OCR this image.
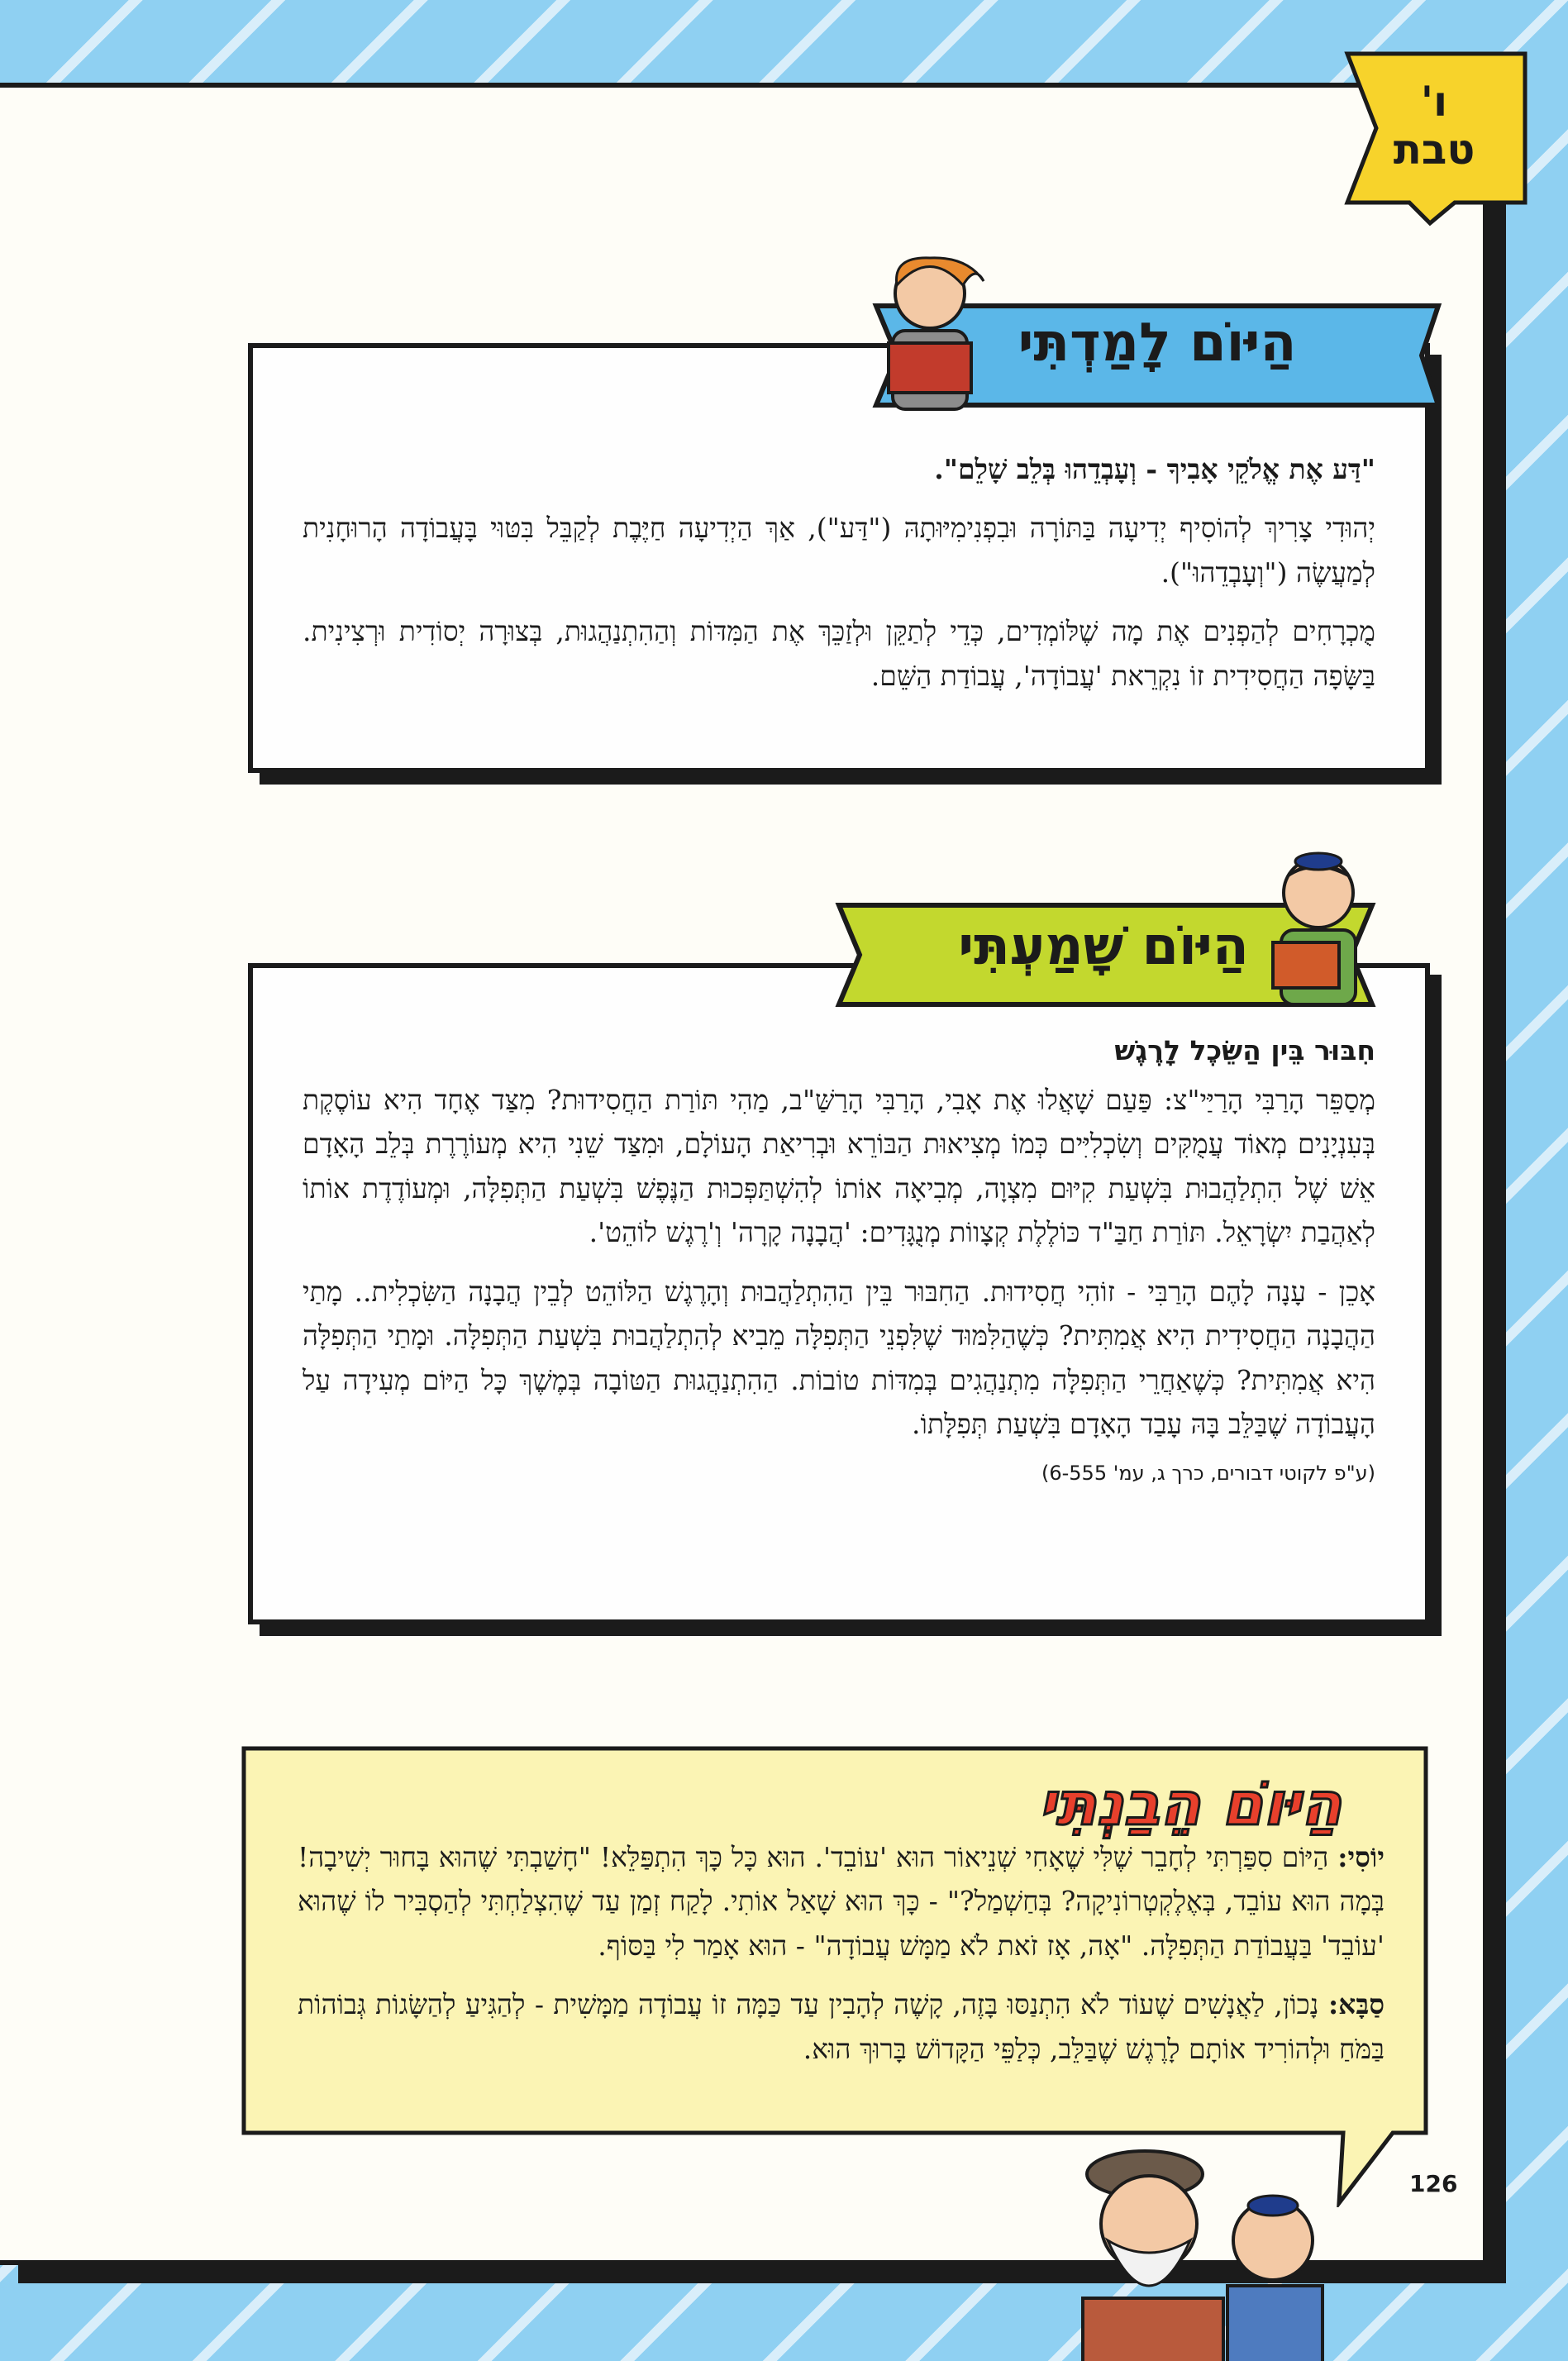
ו'
טבת

"דַּע אֶת אֱלֹקֵי אָבִיךָ - וְעָבְדֵהוּ בְּלֵב שָׁלֵם".

יְהוּדִי צָרִיךְ לְהוֹסִיף יְדִיעָה בַּתּוֹרָה וּבִפְנִימִיּוּתָהּ ("דַּע"), אַךְ הַיְדִיעָה חַיֶּבֶת לְקַבֵּל בִּטּוּי בָּעֲבוֹדָה הָרוּחָנִית לְמַעֲשֶׂה ("וְעָבְדֵהוּ").

מֻכְרָחִים לְהַפְנִים אֶת מָה שֶׁלּוֹמְדִים, כְּדֵי לְתַקֵּן וּלְזַכֵּךְ אֶת הַמִּדּוֹת וְהַהִתְנַהֲגוּת, בְּצוּרָה יְסוֹדִית וּרְצִינִית. בַּשָּׂפָה הַחֲסִידִית זוֹ נִקְרֵאת 'עֲבוֹדָה', עֲבוֹדַת הַשֵּׁם.

הַיּוֹם לָמַדְתִּי
חִבּוּר בֵּין הַשֵּׂכֶל לָרֶגֶשׁ

מְסַפֵּר הָרַבִּי הָרַיַּי"צ: פַּעַם שָׁאֲלוּ אֶת אָבִי, הָרַבִּי הָרַשַּׁ"ב, מַהִי תּוֹרַת הַחֲסִידוּת? מִצַּד אֶחָד הִיא עוֹסֶקֶת בְּעִנְיָנִים מְאוֹד עֲמֻקִּים וְשִׂכְלִיִּים כְּמוֹ מְצִיאוּת הַבּוֹרֵא וּבְרִיאַת הָעוֹלָם, וּמִצַּד שֵׁנִי הִיא מְעוֹרֶרֶת בְּלֵב הָאָדָם אֵשׁ שֶׁל הִתְלַהֲבוּת בִּשְׁעַת קִיּוּם מִצְוָה, מְבִיאָה אוֹתוֹ לְהִשְׁתַּפְּכוּת הַנֶּפֶשׁ בִּשְׁעַת הַתְּפִלָּה, וּמְעוֹדֶדֶת אוֹתוֹ לְאַהֲבַת יִשְׂרָאֵל. תּוֹרַת חַבַּ"ד כּוֹלֶלֶת קְצָווֹת מְנֻגָּדִים: 'הֲבָנָה קָרָה' וְ'רֶגֶשׁ לוֹהֵט'.

אָכֵן - עָנָה לָהֶם הָרַבִּי - זוֹהִי חֲסִידוּת. הַחִבּוּר בֵּין הַהִתְלַהֲבוּת וְהָרֶגֶשׁ הַלּוֹהֵט לְבֵין הֲבָנָה הַשִּׂכְלִית.. מָתַי הַהֲבָנָה הַחֲסִידִית הִיא אֲמִתִּית? כְּשֶׁהַלִּמּוּד שֶׁלִּפְנֵי הַתְּפִלָּה מֵבִיא לְהִתְלַהֲבוּת בִּשְׁעַת הַתְּפִלָּה. וּמָתַי הַתְּפִלָּה הִיא אֲמִתִּית? כְּשֶׁאַחֲרֵי הַתְּפִלָּה מִתְנַהֲגִים בְּמִדּוֹת טוֹבוֹת. הַהִתְנַהֲגוּת הַטּוֹבָה בְּמֶשֶׁךְ כָּל הַיּוֹם מְעִידָה עַל הָעֲבוֹדָה שֶׁבַּלֵּב בָּהּ עָבַד הָאָדָם בִּשְׁעַת תְּפִלָּתוֹ.

(ע"פ לקוטי דבורים, כרך ג, עמ' 6-555)
הַיּוֹם שָׁמַעְתִּי

יוֹסִי: הַיּוֹם סִפַּרְתִּי לְחָבֵר שֶׁלִּי שֶׁאָחִי שְׁנֵיאוֹר הוּא 'עוֹבֵד'. הוּא כָּל כָּךְ הִתְפַּלֵּא! "חָשַׁבְתִּי שֶׁהוּא בָּחוּר יְשִׁיבָה! בְּמָה הוּא עוֹבֵד, בְּאֶלֶקְטְרוֹנִיקָה? בְּחַשְׁמַל?" - כָּךְ הוּא שָׁאַל אוֹתִי. לָקַח זְמַן עַד שֶׁהִצְלַחְתִּי לְהַסְבִּיר לוֹ שֶׁהוּא 'עוֹבֵד' בַּעֲבוֹדַת הַתְּפִלָּה. "אָה, אָז זֹאת לֹא מַמָּשׁ עֲבוֹדָה" - הוּא אָמַר לִי בַּסּוֹף.

סַבָּא: נָכוֹן, לַאֲנָשִׁים שֶׁעוֹד לֹא הִתְנַסּוּ בָּזֶה, קָשֶׁה לְהָבִין עַד כַּמָּה זוֹ עֲבוֹדָה מַמָּשִׁית - לְהַגִּיעַ לְהַשָּׂגוֹת גְּבוֹהוֹת בַּמֹּחַ וּלְהוֹרִיד אוֹתָם לָרֶגֶשׁ שֶׁבַּלֵּב, כְּלַפֵּי הַקָּדוֹשׁ בָּרוּךְ הוּא.

הַיּוֹם הֵבַנְתִּי
126
